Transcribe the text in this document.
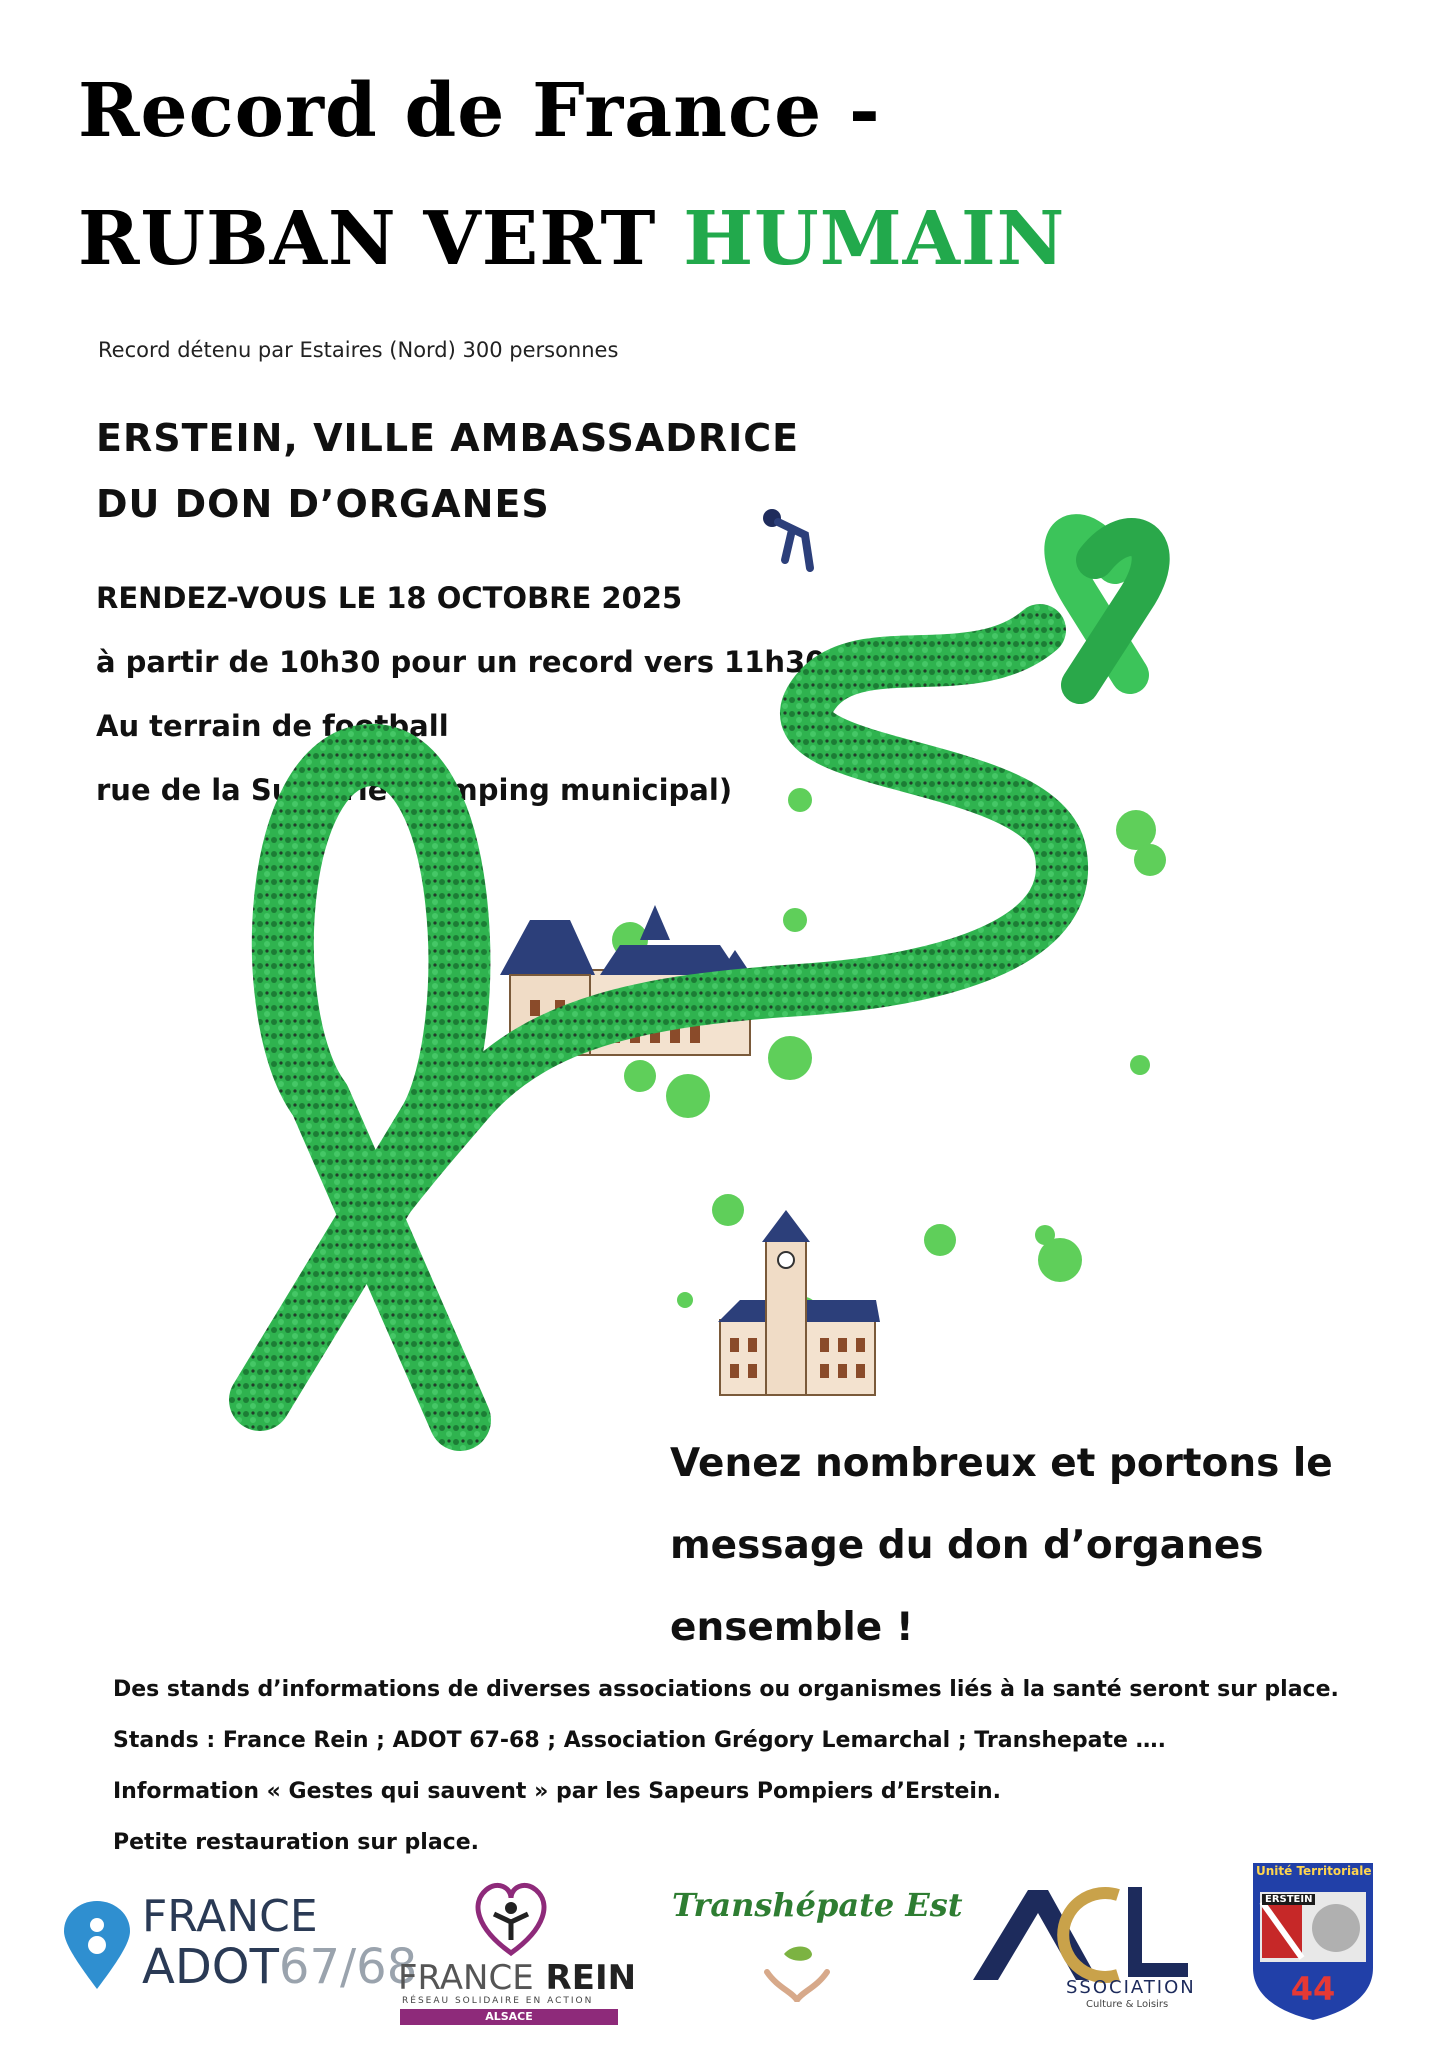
Record de France -
RUBAN VERT HUMAIN
Record détenu par Estaires (Nord) 300 personnes
ERSTEIN, VILLE AMBASSADRICE
DU DON D’ORGANES
RENDEZ-VOUS LE 18 OCTOBRE 2025
à partir de 10h30 pour un record vers 11h30
Au terrain de football
rue de la Sucrerie (camping municipal)
Venez nombreux et portons le
message du don d’organes
ensemble !
Des stands d’informations de diverses associations ou organismes liés à la santé seront sur place.
Stands : France Rein ; ADOT 67-68 ; Association Grégory Lemarchal ; Transhepate ….
Information « Gestes qui sauvent » par les Sapeurs Pompiers d’Erstein.
Petite restauration sur place.
FRANCE
ADOT67/68
FRANCE REIN
RÉSEAU SOLIDAIRE EN ACTION
ALSACE
Transhépate Est
SSOCIATION
Culture & Loisirs
Unité Territoriale
ERSTEIN
44
